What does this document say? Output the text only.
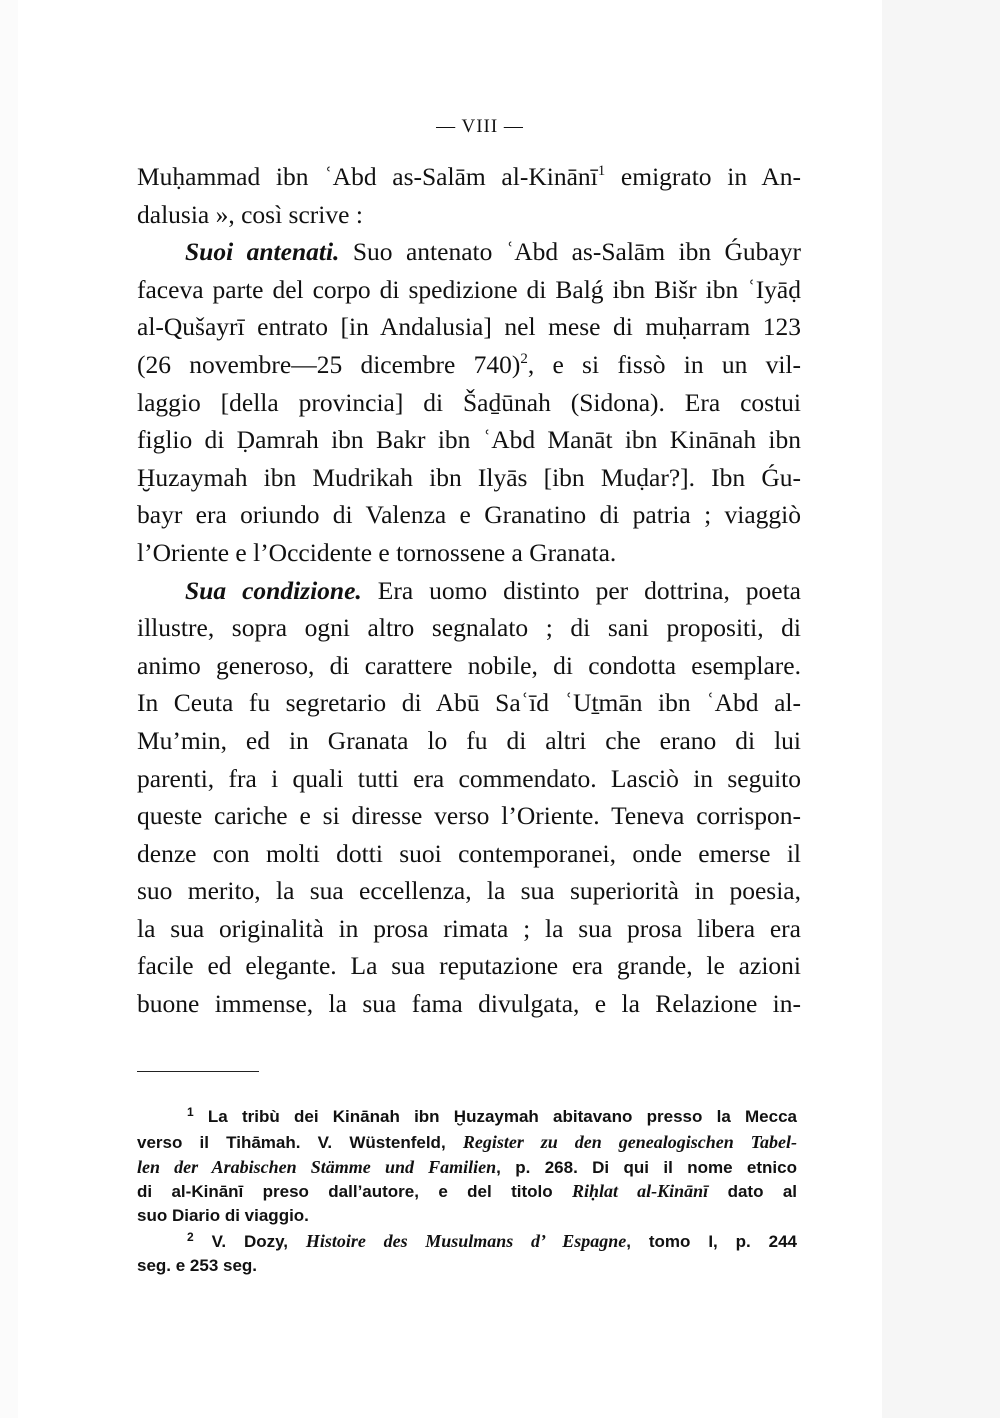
— VIII —
Muḥammad ibn ʿAbd as-Salām al-Kinānī$^1$ emigrato in An-
dalusia », così scrive :
Suoi antenati. Suo antenato ʿAbd as-Salām ibn Ǵubayr
faceva parte del corpo di spedizione di Balǵ ibn Bišr ibn ʿIyāḍ
al-Qušayrī entrato [in Andalusia] nel mese di muḥarram 123
(26 novembre—25 dicembre 740)$^2$, e si fissò in un vil-
laggio [della provincia] di Šaḏūnah (Sidona). Era costui
figlio di Ḍamrah ibn Bakr ibn ʿAbd Manāt ibn Kinānah ibn
Ḫuzaymah ibn Mudrikah ibn Ilyās [ibn Muḍar?]. Ibn Ǵu-
bayr era oriundo di Valenza e Granatino di patria ; viaggiò
l’Oriente e l’Occidente e tornossene a Granata.
Sua condizione. Era uomo distinto per dottrina, poeta
illustre, sopra ogni altro segnalato ; di sani propositi, di
animo generoso, di carattere nobile, di condotta esemplare.
In Ceuta fu segretario di Abū Saʿīd ʿUṯmān ibn ʿAbd al-
Mu’min, ed in Granata lo fu di altri che erano di lui
parenti, fra i quali tutti era commendato. Lasciò in seguito
queste cariche e si diresse verso l’Oriente. Teneva corrispon-
denze con molti dotti suoi contemporanei, onde emerse il
suo merito, la sua eccellenza, la sua superiorità in poesia,
la sua originalità in prosa rimata ; la sua prosa libera era
facile ed elegante. La sua reputazione era grande, le azioni
buone immense, la sua fama divulgata, e la Relazione in-
$^1$ La tribù dei Kinānah ibn Ḫuzaymah abitavano presso la Mecca
verso il Tihāmah. V. Wüstenfeld, Register zu den genealogischen Tabel-
len der Arabischen Stämme und Familien, p. 268. Di qui il nome etnico
di al-Kinānī preso dall’autore, e del titolo Riḥlat al-Kinānī dato al
suo Diario di viaggio.
$^2$ V. Dozy, Histoire des Musulmans d’ Espagne, tomo I, p. 244
seg. e 253 seg.
